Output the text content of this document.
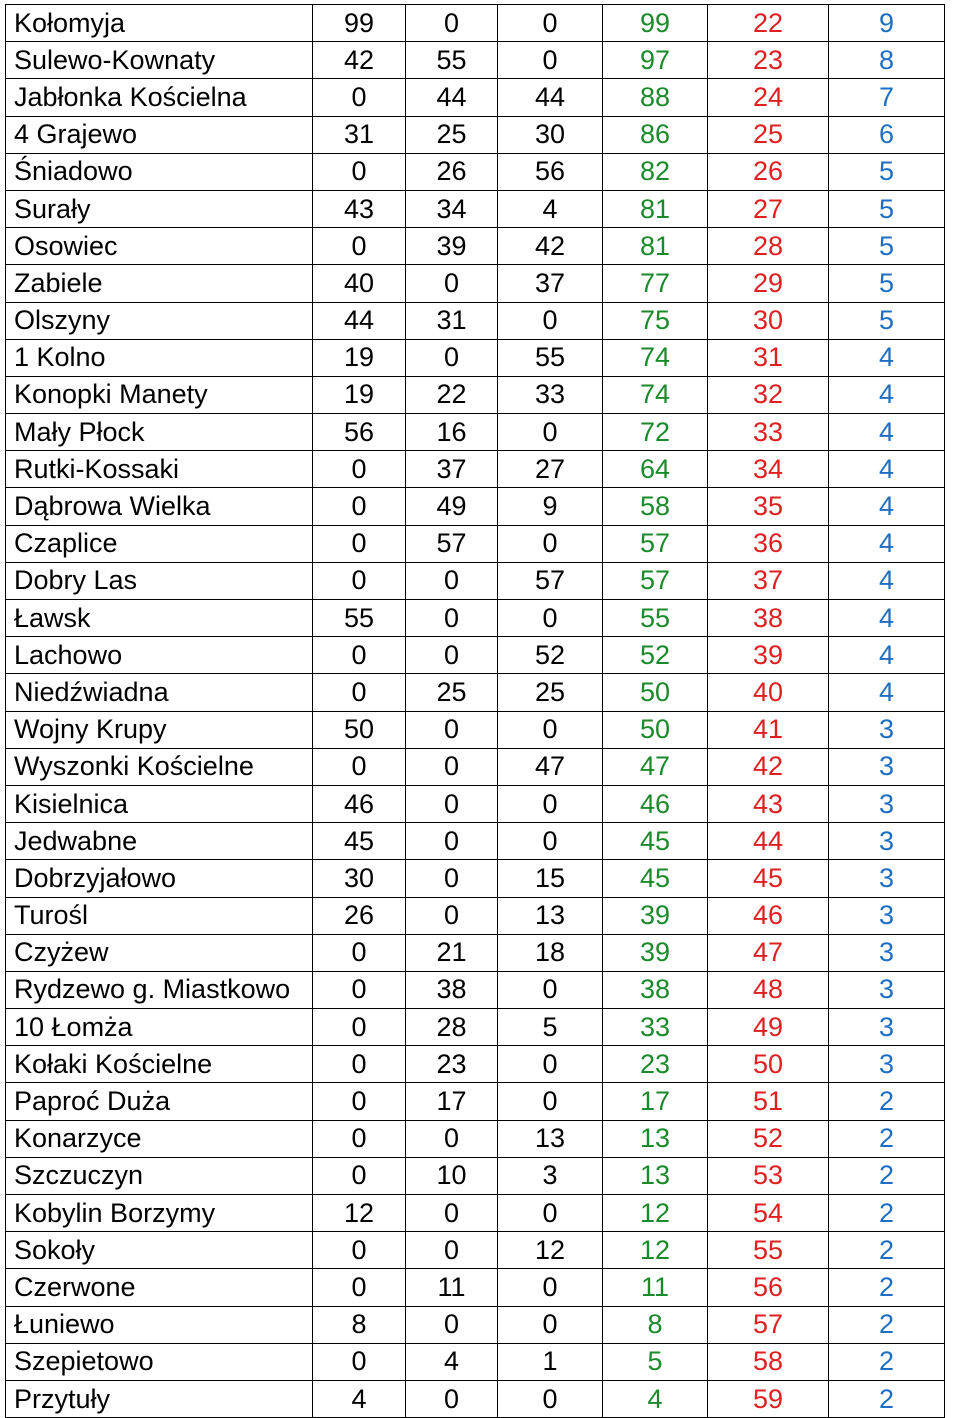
Kołomyja	99	0	0	99	22	9
Sulewo-Kownaty	42	55	0	97	23	8
Jabłonka Kościelna	0	44	44	88	24	7
4 Grajewo	31	25	30	86	25	6
Śniadowo	0	26	56	82	26	5
Surały	43	34	4	81	27	5
Osowiec	0	39	42	81	28	5
Zabiele	40	0	37	77	29	5
Olszyny	44	31	0	75	30	5
1 Kolno	19	0	55	74	31	4
Konopki Manety	19	22	33	74	32	4
Mały Płock	56	16	0	72	33	4
Rutki-Kossaki	0	37	27	64	34	4
Dąbrowa Wielka	0	49	9	58	35	4
Czaplice	0	57	0	57	36	4
Dobry Las	0	0	57	57	37	4
Ławsk	55	0	0	55	38	4
Lachowo	0	0	52	52	39	4
Niedźwiadna	0	25	25	50	40	4
Wojny Krupy	50	0	0	50	41	3
Wyszonki Kościelne	0	0	47	47	42	3
Kisielnica	46	0	0	46	43	3
Jedwabne	45	0	0	45	44	3
Dobrzyjałowo	30	0	15	45	45	3
Turośl	26	0	13	39	46	3
Czyżew	0	21	18	39	47	3
Rydzewo g. Miastkowo	0	38	0	38	48	3
10 Łomża	0	28	5	33	49	3
Kołaki Kościelne	0	23	0	23	50	3
Paproć Duża	0	17	0	17	51	2
Konarzyce	0	0	13	13	52	2
Szczuczyn	0	10	3	13	53	2
Kobylin Borzymy	12	0	0	12	54	2
Sokoły	0	0	12	12	55	2
Czerwone	0	11	0	11	56	2
Łuniewo	8	0	0	8	57	2
Szepietowo	0	4	1	5	58	2
Przytuły	4	0	0	4	59	2
